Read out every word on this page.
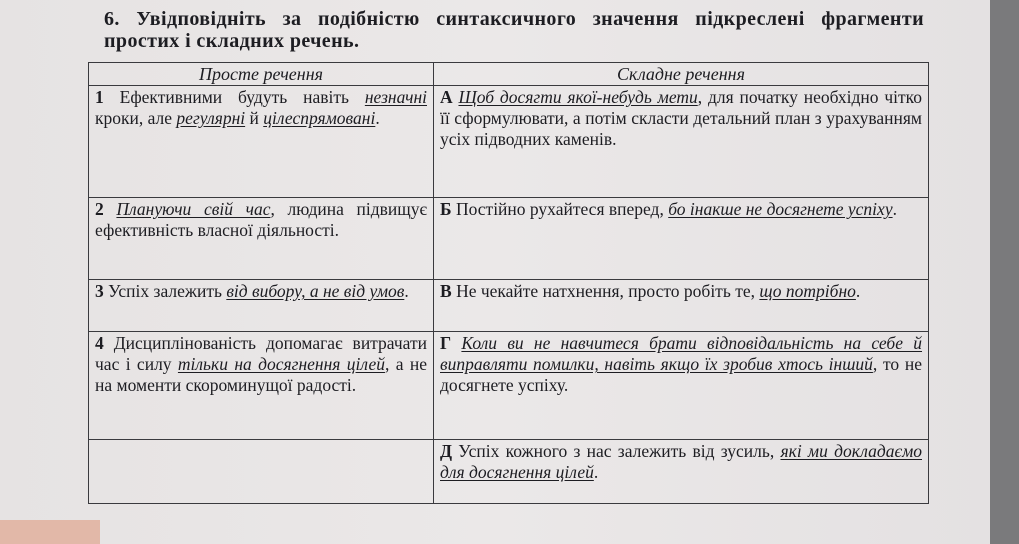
6. Увідповідніть за подібністю синтаксичного значення підкреслені фрагменти простих і складних речень.

Просте речення	Складне речення
1 Ефективними будуть навіть незначні кроки, але регулярні й цілеспрямовані.	А Щоб досягти якої-небудь мети, для початку необхідно чітко її сформулювати, а потім скласти детальний план з урахуванням усіх підводних каменів.
2 Плануючи свій час, людина підвищує ефективність власної діяльності.	Б Постійно рухайтеся вперед, бо інакше не досягнете успіху.
3 Успіх залежить від вибору, а не від умов.	В Не чекайте натхнення, просто робіть те, що потрібно.
4 Дисциплінованість допомагає витрачати час і силу тільки на досягнення цілей, а не на моменти скороминущої радості.	Г Коли ви не навчитеся брати відповідальність на себе й виправляти помилки, навіть якщо їх зробив хтось інший, то не досягнете успіху.
	Д Успіх кожного з нас залежить від зусиль, які ми докладаємо для досягнення цілей.
